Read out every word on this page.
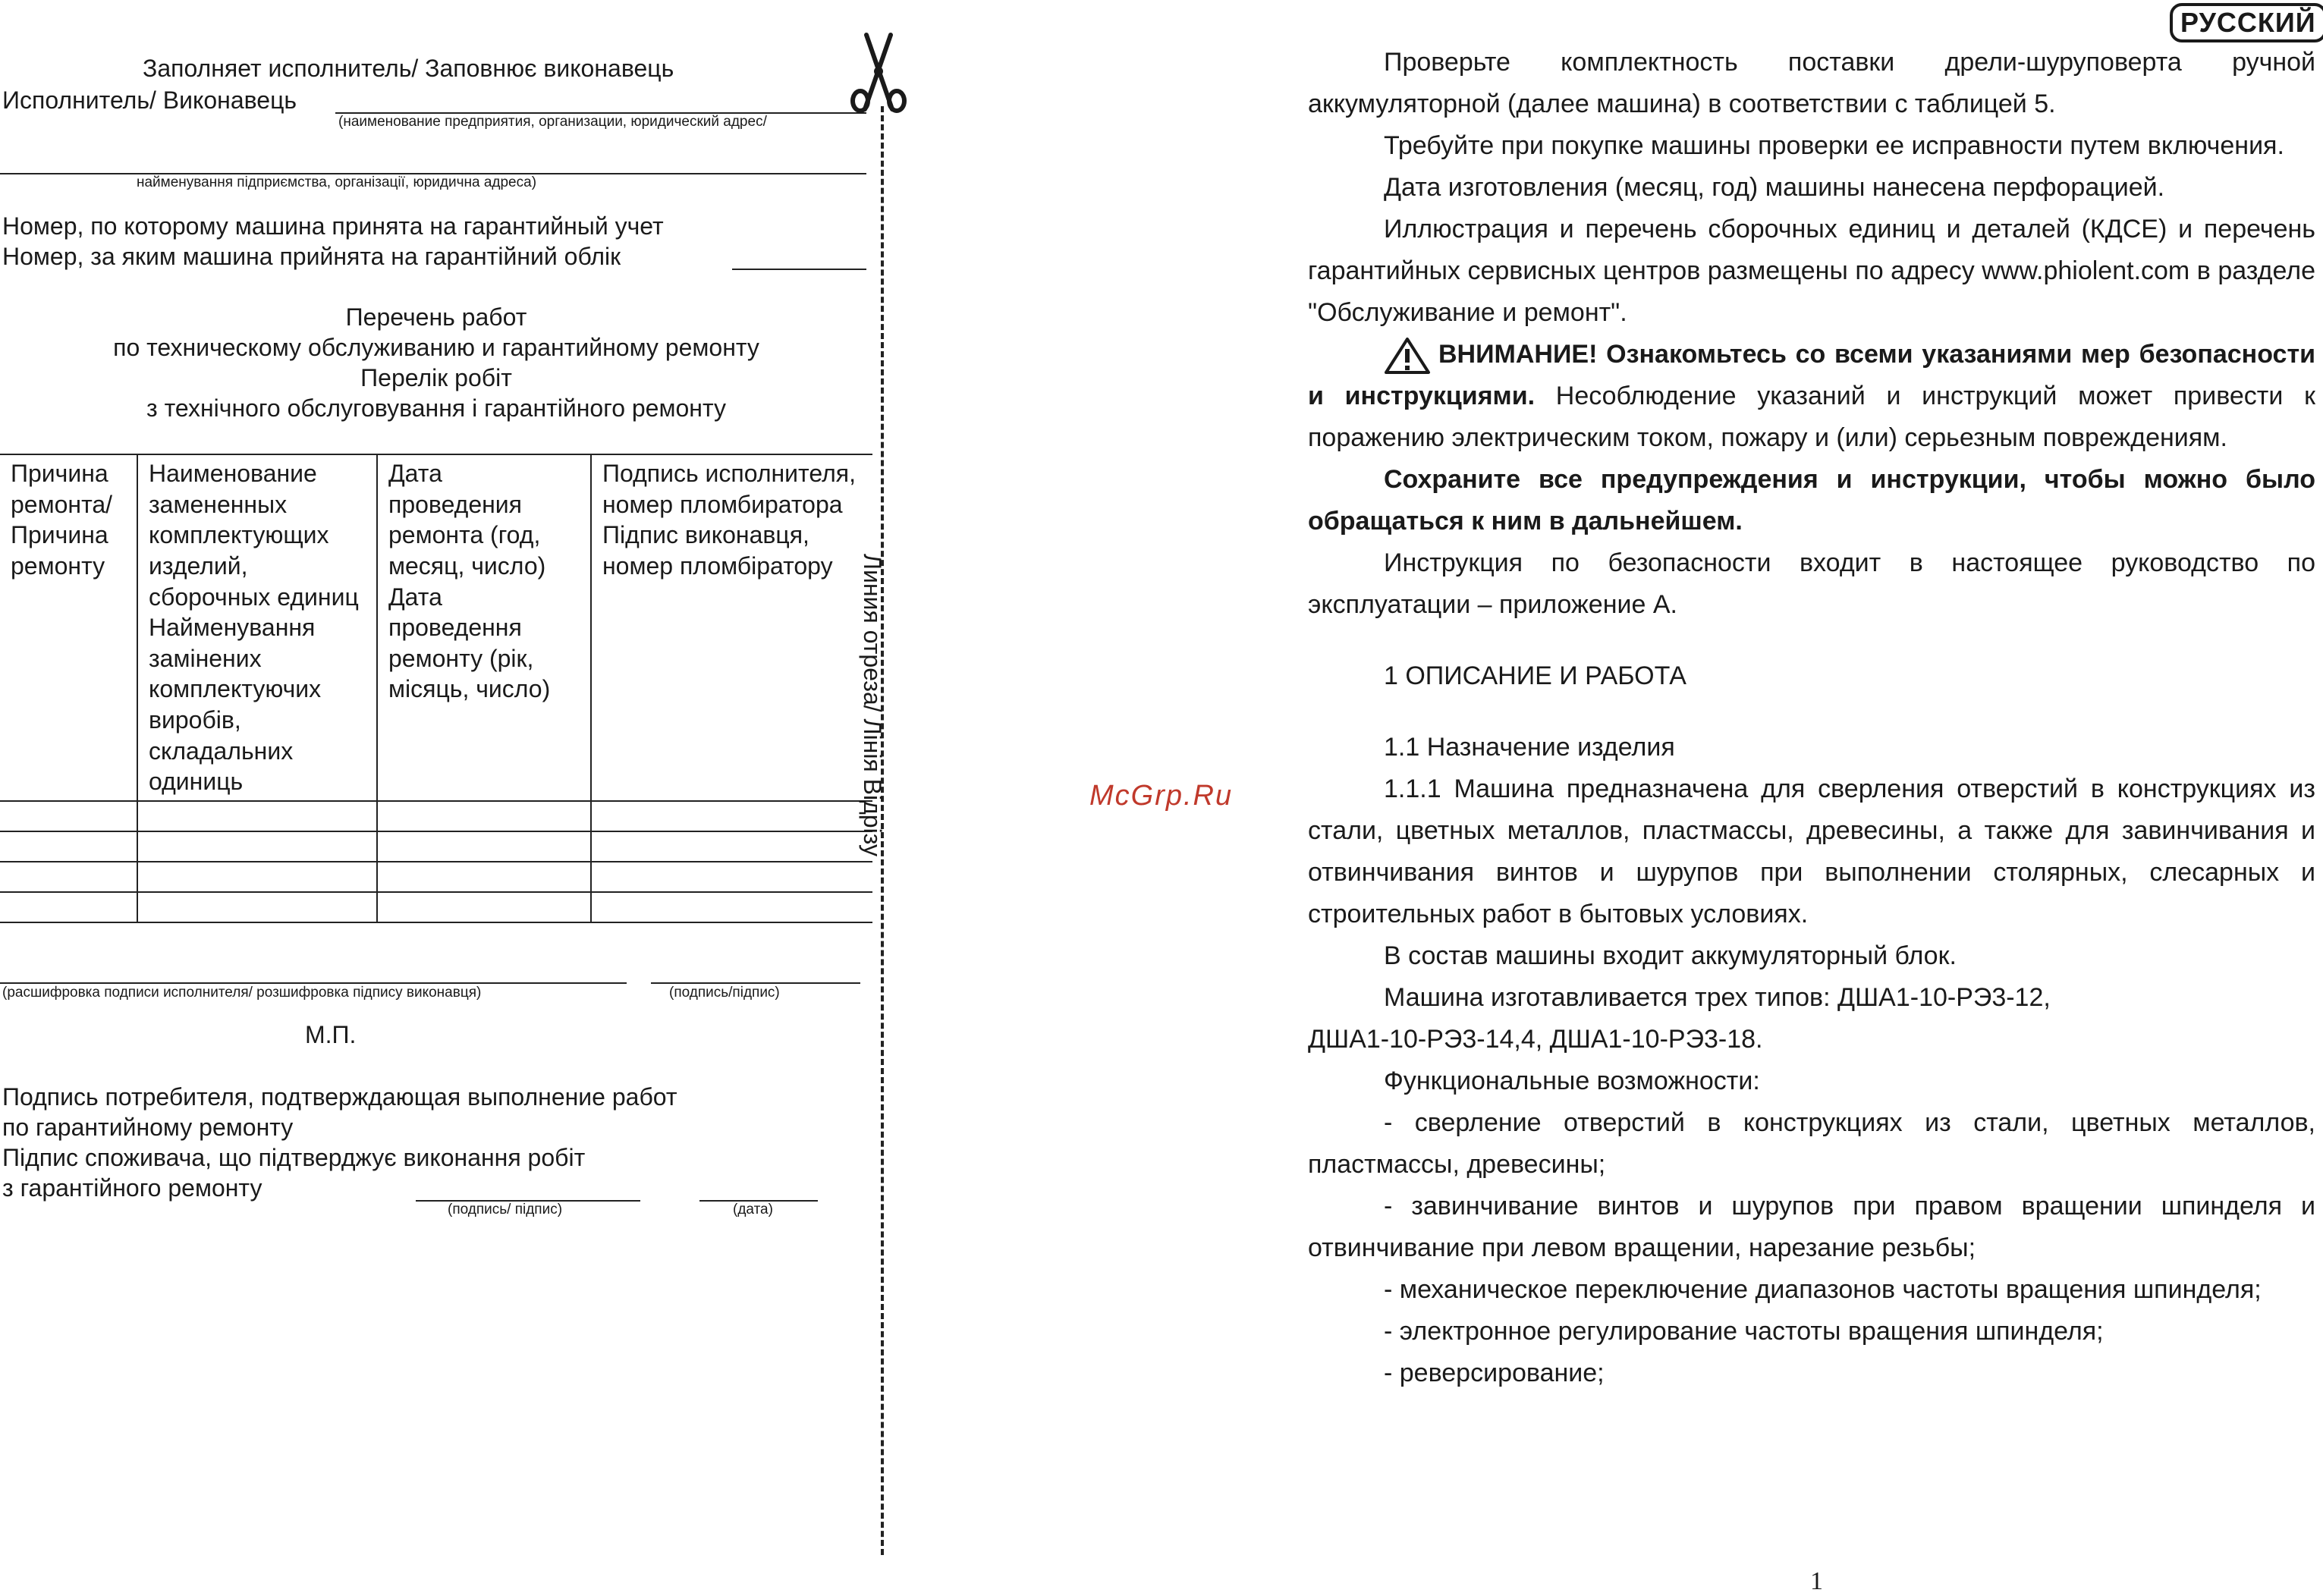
Заполняет исполнитель/ Заповнює виконавець
Исполнитель/ Виконавець
(наименование предприятия, организации, юридический адрес/
найменування підприємства, організації, юридична адреса)
Номер, по которому машина принята на гарантийный учет
Номер, за яким машина прийнята на гарантійний облік
Перечень работ
по техническому обслуживанию и гарантийному ремонту
Перелік робіт
з технічного обслуговування і гарантійного ремонту
Причина ремонта/ Причина ремонту	Наименование замененных комплектующих изделий, сборочных единиц Найменування замінених комплектуючих виробів, складальних одиниць	Дата проведения ремонта (год, месяц, число) Дата проведення ремонту (рік, місяць, число)	Подпись исполнителя, номер пломбиратора Підпис виконавця, номер пломбіратору

(расшифровка подписи исполнителя/ розшифровка підпису виконавця)	(подпись/підпис)
М.П.
Подпись потребителя, подтверждающая выполнение работ
по гарантийному ремонту
Підпис споживача, що підтверджує виконання робіт
з гарантійного ремонту
(подпись/ підпис)	(дата)
Линия отреза/ Лінія Відрізу	McGrp.Ru
РУССКИЙ

Проверьте комплектность поставки дрели-шуруповерта ручной аккумуляторной (далее машина) в соответствии с таблицей 5.

Требуйте при покупке машины проверки ее исправности путем включения.

Дата изготовления (месяц, год) машины нанесена перфорацией.

Иллюстрация и перечень сборочных единиц и деталей (КДСЕ) и перечень гарантийных сервисных центров размещены по адресу www.phiolent.com в разделе "Обслуживание и ремонт".

ВНИМАНИЕ! Ознакомьтесь со всеми указаниями мер безопасности и инструкциями. Несоблюдение указаний и инструкций может привести к поражению электрическим током, пожару и (или) серьезным повреждениям.

Сохраните все предупреждения и инструкции, чтобы можно было обращаться к ним в дальнейшем.

Инструкция по безопасности входит в настоящее руководство по эксплуатации – приложение А.

1 ОПИСАНИЕ И РАБОТА

1.1 Назначение изделия

1.1.1 Машина предназначена для сверления отверстий в конструкциях из стали, цветных металлов, пластмассы, древесины, а также для завинчивания и отвинчивания винтов и шурупов при выполнении столярных, слесарных и строительных работ в бытовых условиях.

В состав машины входит аккумуляторный блок.

Машина изготавливается трех типов: ДША1-10-РЭ3-12,

ДША1-10-РЭ3-14,4, ДША1-10-РЭ3-18.

Функциональные возможности:

- сверление отверстий в конструкциях из стали, цветных металлов, пластмассы, древесины;

- завинчивание винтов и шурупов при правом вращении шпинделя и отвинчивание при левом вращении, нарезание резьбы;

- механическое переключение диапазонов частоты вращения шпинделя;

- электронное регулирование частоты вращения шпинделя;

- реверсирование;

1
